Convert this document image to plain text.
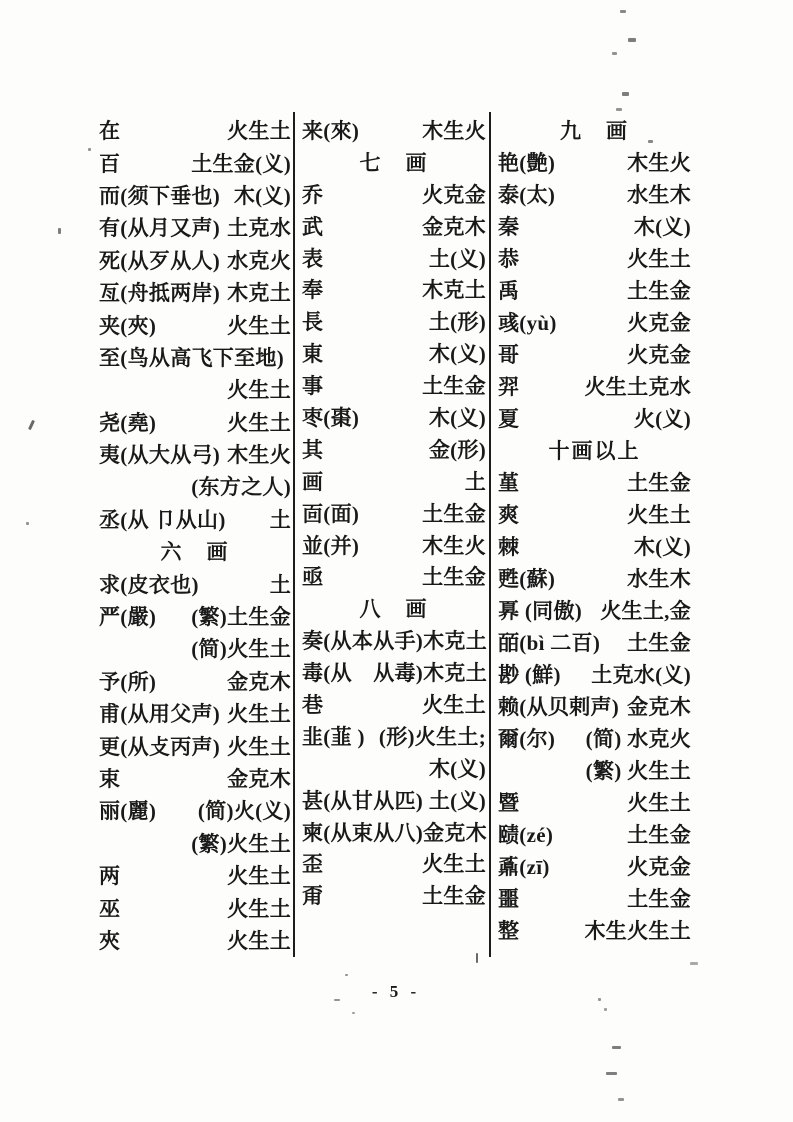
在	火生土
百	土生金(义)
而(须下垂也) 木(义)
有(从月又声) 土克水
死(从歹从人) 水克火
亙(舟抵两岸) 木克土
夹(夾)	火生土
至(鸟从高飞下至地)
火生土
尧(堯)	火生土
夷(从大从弓) 木生火
(东方之人)
丞(从 卩从山) 土
六　画
求(皮衣也)	土
严(嚴) (繁)土生金
(简)火生土
予(所)	金克木
甫(从用父声) 火生土
更(从攴丙声) 火生土
束	金克木
丽(麗) (简)火(义)
(繁)火生土
两	火生土
巫	火生土
夾	火生土
来(來)	木生火
七　画
乔	火克金
武	金克木
表	土(义)
奉	木克土
長	土(形)
東	木(义)
事	土生金
枣(棗)	木(义)
其	金(形)
画	土
靣(面)	土生金
並(并)	木生火
亟	土生金
八　画
奏(从本从手) 木克土
毒(从　从毒) 木克土
巷	火生土
韭(韮 ) (形)火生土;
木(义)
甚(从甘从匹) 土(义)
柬(从束从八) 金克木
歪	火生土
甭	土生金
九　画
艳(艶)	木生火
泰(太)	水生木
秦	木(义)
恭	火生土
禹	土生金
彧(yù)	火克金
哥	火克金
羿	火生土克水
夏	火(义)
十画以上
堇	土生金
爽	火生土
棘	木(义)
甦(蘇)	水生木
奡 (同傲) 火生土,金
皕(bì 二百) 土生金
尠 (鮮) 土克水(义)
赖(从贝剌声) 金克木
爾(尔) (简) 水克火
(繁) 火生土
暨	火生土
赜(zé)	土生金
鼒(zī)	火克金
噩	土生金
整	木生火生土
- 5 -
